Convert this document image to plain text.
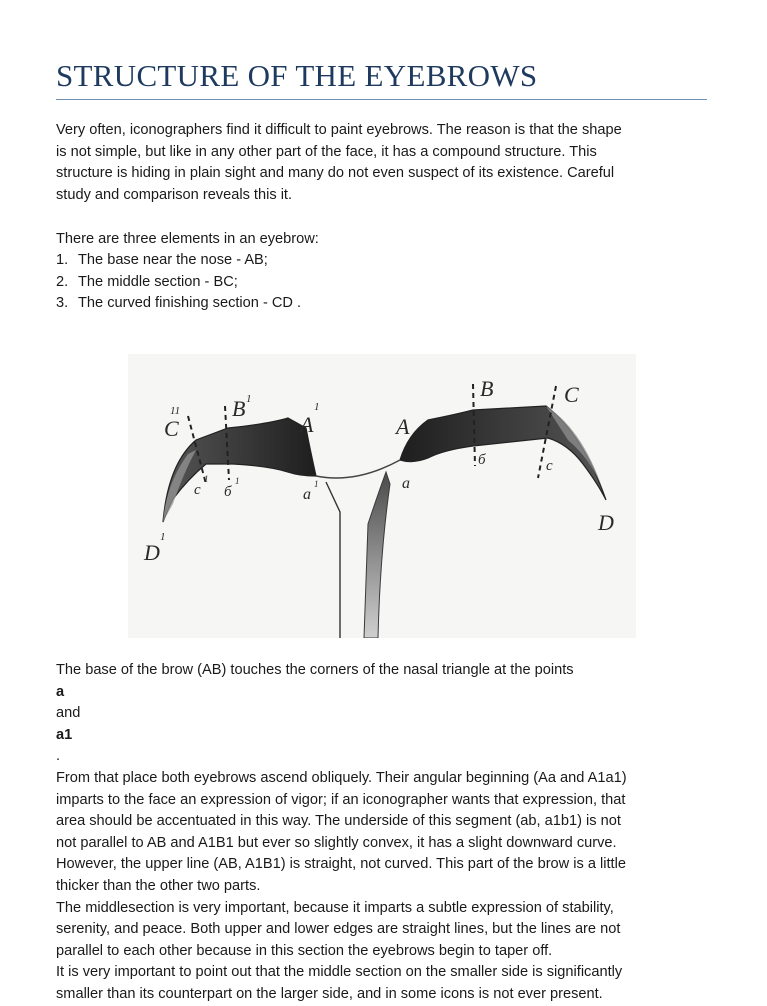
STRUCTURE OF THE EYEBROWS
Very often, iconographers find it difficult to paint eyebrows. The reason is that the shape
is not simple, but like in any other part of the face, it has a compound structure. This
structure is hiding in plain sight and many do not even suspect of its existence. Careful
study and comparison reveals this it.
There are three elements in an eyebrow:
1. The base near the nose - AB;
2. The middle section - BC;
3. The curved finishing section - CD .
C
11 B 1
A
1
A
B	C
c
1
б
1
a
1	a
б	c
D
D
1
The base of the brow (AB) touches the corners of the nasal triangle at the points
a
and
a1
.
From that place both eyebrows ascend obliquely. Their angular beginning (Aa and A1a1)
imparts to the face an expression of vigor; if an iconographer wants that expression, that
area should be accentuated in this way. The underside of this segment (ab, a1b1) is not
not parallel to AB and A1B1 but ever so slightly convex, it has a slight downward curve.
However, the upper line (AB, A1B1) is straight, not curved. This part of the brow is a little
thicker than the other two parts.
The middlesection is very important, because it imparts a subtle expression of stability,
serenity, and peace. Both upper and lower edges are straight lines, but the lines are not
parallel to each other because in this section the eyebrows begin to taper off.
It is very important to point out that the middle section on the smaller side is significantly
smaller than its counterpart on the larger side, and in some icons is not ever present.
